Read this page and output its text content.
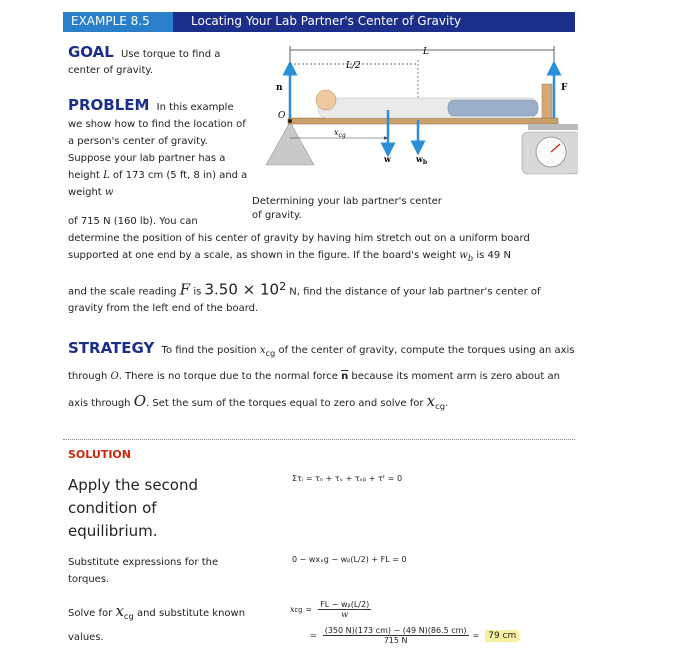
EXAMPLE 8.5	Locating Your Lab Partner's Center of Gravity
GOAL Use torque to find a center of gravity.
PROBLEM In this example we show how to find the location of a person's center of gravity. Suppose your lab partner has a height L of 173 cm (5 ft, 8 in) and a weight w
of 715 N (160 lb). You can
determine the position of his center of gravity by having him stretch out on a uniform board supported at one end by a scale, as shown in the figure. If the board's weight $w_b$ is 49 N
and the scale reading F is $3.50 \times 10^2$ N, find the distance of your lab partner's center of gravity from the left end of the board.
L/2
L
n
O
F
w	$w_b$
$x_{cg}$
Determining your lab partner's center of gravity.
STRATEGY To find the position $x_{cg}$ of the center of gravity, compute the torques using an axis through O. There is no torque due to the normal force $\overline{n}$ because its moment arm is zero about an axis through O. Set the sum of the torques equal to zero and solve for $x_{cg}$.
SOLUTION
Apply the second condition of equilibrium.
Στᵢ = τₙ + τᵥ + τᵥᵦ + τᶠ = 0
Substitute expressions for the torques.
0 − wxₓg − wᵦ(L/2) + FL = 0
Solve for $x_{cg}$ and substitute known values.
x cg = $\frac{\text{FL − wᵦ(L/2)}}{w}$
= $\frac{(350 N)(173 cm) - (49 N)(86.5 cm)}{715 N}$ =	79 cm
